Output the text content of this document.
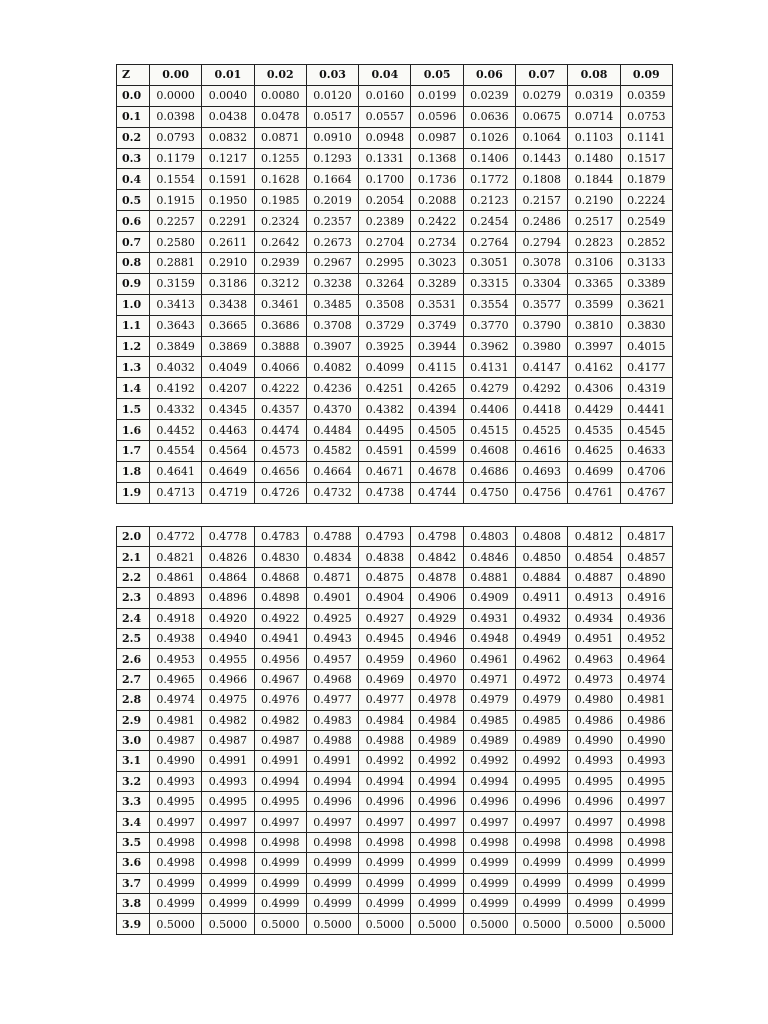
Z	0.00	0.01	0.02	0.03	0.04	0.05	0.06	0.07	0.08	0.09
0.0	0.0000	0.0040	0.0080	0.0120	0.0160	0.0199	0.0239	0.0279	0.0319	0.0359
0.1	0.0398	0.0438	0.0478	0.0517	0.0557	0.0596	0.0636	0.0675	0.0714	0.0753
0.2	0.0793	0.0832	0.0871	0.0910	0.0948	0.0987	0.1026	0.1064	0.1103	0.1141
0.3	0.1179	0.1217	0.1255	0.1293	0.1331	0.1368	0.1406	0.1443	0.1480	0.1517
0.4	0.1554	0.1591	0.1628	0.1664	0.1700	0.1736	0.1772	0.1808	0.1844	0.1879
0.5	0.1915	0.1950	0.1985	0.2019	0.2054	0.2088	0.2123	0.2157	0.2190	0.2224
0.6	0.2257	0.2291	0.2324	0.2357	0.2389	0.2422	0.2454	0.2486	0.2517	0.2549
0.7	0.2580	0.2611	0.2642	0.2673	0.2704	0.2734	0.2764	0.2794	0.2823	0.2852
0.8	0.2881	0.2910	0.2939	0.2967	0.2995	0.3023	0.3051	0.3078	0.3106	0.3133
0.9	0.3159	0.3186	0.3212	0.3238	0.3264	0.3289	0.3315	0.3304	0.3365	0.3389
1.0	0.3413	0.3438	0.3461	0.3485	0.3508	0.3531	0.3554	0.3577	0.3599	0.3621
1.1	0.3643	0.3665	0.3686	0.3708	0.3729	0.3749	0.3770	0.3790	0.3810	0.3830
1.2	0.3849	0.3869	0.3888	0.3907	0.3925	0.3944	0.3962	0.3980	0.3997	0.4015
1.3	0.4032	0.4049	0.4066	0.4082	0.4099	0.4115	0.4131	0.4147	0.4162	0.4177
1.4	0.4192	0.4207	0.4222	0.4236	0.4251	0.4265	0.4279	0.4292	0.4306	0.4319
1.5	0.4332	0.4345	0.4357	0.4370	0.4382	0.4394	0.4406	0.4418	0.4429	0.4441
1.6	0.4452	0.4463	0.4474	0.4484	0.4495	0.4505	0.4515	0.4525	0.4535	0.4545
1.7	0.4554	0.4564	0.4573	0.4582	0.4591	0.4599	0.4608	0.4616	0.4625	0.4633
1.8	0.4641	0.4649	0.4656	0.4664	0.4671	0.4678	0.4686	0.4693	0.4699	0.4706
1.9	0.4713	0.4719	0.4726	0.4732	0.4738	0.4744	0.4750	0.4756	0.4761	0.4767
2.0	0.4772	0.4778	0.4783	0.4788	0.4793	0.4798	0.4803	0.4808	0.4812	0.4817
2.1	0.4821	0.4826	0.4830	0.4834	0.4838	0.4842	0.4846	0.4850	0.4854	0.4857
2.2	0.4861	0.4864	0.4868	0.4871	0.4875	0.4878	0.4881	0.4884	0.4887	0.4890
2.3	0.4893	0.4896	0.4898	0.4901	0.4904	0.4906	0.4909	0.4911	0.4913	0.4916
2.4	0.4918	0.4920	0.4922	0.4925	0.4927	0.4929	0.4931	0.4932	0.4934	0.4936
2.5	0.4938	0.4940	0.4941	0.4943	0.4945	0.4946	0.4948	0.4949	0.4951	0.4952
2.6	0.4953	0.4955	0.4956	0.4957	0.4959	0.4960	0.4961	0.4962	0.4963	0.4964
2.7	0.4965	0.4966	0.4967	0.4968	0.4969	0.4970	0.4971	0.4972	0.4973	0.4974
2.8	0.4974	0.4975	0.4976	0.4977	0.4977	0.4978	0.4979	0.4979	0.4980	0.4981
2.9	0.4981	0.4982	0.4982	0.4983	0.4984	0.4984	0.4985	0.4985	0.4986	0.4986
3.0	0.4987	0.4987	0.4987	0.4988	0.4988	0.4989	0.4989	0.4989	0.4990	0.4990
3.1	0.4990	0.4991	0.4991	0.4991	0.4992	0.4992	0.4992	0.4992	0.4993	0.4993
3.2	0.4993	0.4993	0.4994	0.4994	0.4994	0.4994	0.4994	0.4995	0.4995	0.4995
3.3	0.4995	0.4995	0.4995	0.4996	0.4996	0.4996	0.4996	0.4996	0.4996	0.4997
3.4	0.4997	0.4997	0.4997	0.4997	0.4997	0.4997	0.4997	0.4997	0.4997	0.4998
3.5	0.4998	0.4998	0.4998	0.4998	0.4998	0.4998	0.4998	0.4998	0.4998	0.4998
3.6	0.4998	0.4998	0.4999	0.4999	0.4999	0.4999	0.4999	0.4999	0.4999	0.4999
3.7	0.4999	0.4999	0.4999	0.4999	0.4999	0.4999	0.4999	0.4999	0.4999	0.4999
3.8	0.4999	0.4999	0.4999	0.4999	0.4999	0.4999	0.4999	0.4999	0.4999	0.4999
3.9	0.5000	0.5000	0.5000	0.5000	0.5000	0.5000	0.5000	0.5000	0.5000	0.5000
